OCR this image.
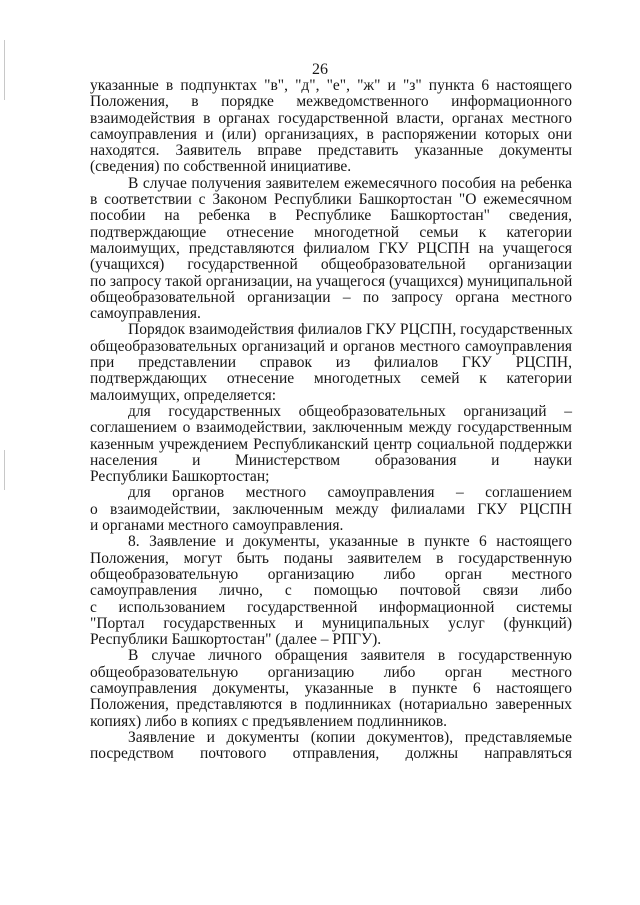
26
указанные в подпунктах "в", "д", "е", "ж" и "з" пункта 6 настоящего
Положения, в порядке межведомственного информационного
взаимодействия в органах государственной власти, органах местного
самоуправления и (или) организациях, в распоряжении которых они
находятся. Заявитель вправе представить указанные документы
(сведения) по собственной инициативе.
В случае получения заявителем ежемесячного пособия на ребенка
в соответствии с Законом Республики Башкортостан "О ежемесячном
пособии на ребенка в Республике Башкортостан" сведения,
подтверждающие отнесение многодетной семьи к категории
малоимущих, представляются филиалом ГКУ РЦСПН на учащегося
(учащихся) государственной общеобразовательной организации
по запросу такой организации, на учащегося (учащихся) муниципальной
общеобразовательной организации – по запросу органа местного
самоуправления.
Порядок взаимодействия филиалов ГКУ РЦСПН, государственных
общеобразовательных организаций и органов местного самоуправления
при представлении справок из филиалов ГКУ РЦСПН,
подтверждающих отнесение многодетных семей к категории
малоимущих, определяется:
для государственных общеобразовательных организаций –
соглашением о взаимодействии, заключенным между государственным
казенным учреждением Республиканский центр социальной поддержки
населения и Министерством образования и науки
Республики Башкортостан;
для органов местного самоуправления – соглашением
о взаимодействии, заключенным между филиалами ГКУ РЦСПН
и органами местного самоуправления.
8. Заявление и документы, указанные в пункте 6 настоящего
Положения, могут быть поданы заявителем в государственную
общеобразовательную организацию либо орган местного
самоуправления лично, с помощью почтовой связи либо
с использованием государственной информационной системы
"Портал государственных и муниципальных услуг (функций)
Республики Башкортостан" (далее – РПГУ).
В случае личного обращения заявителя в государственную
общеобразовательную организацию либо орган местного
самоуправления документы, указанные в пункте 6 настоящего
Положения, представляются в подлинниках (нотариально заверенных
копиях) либо в копиях с предъявлением подлинников.
Заявление и документы (копии документов), представляемые
посредством почтового отправления, должны направляться
